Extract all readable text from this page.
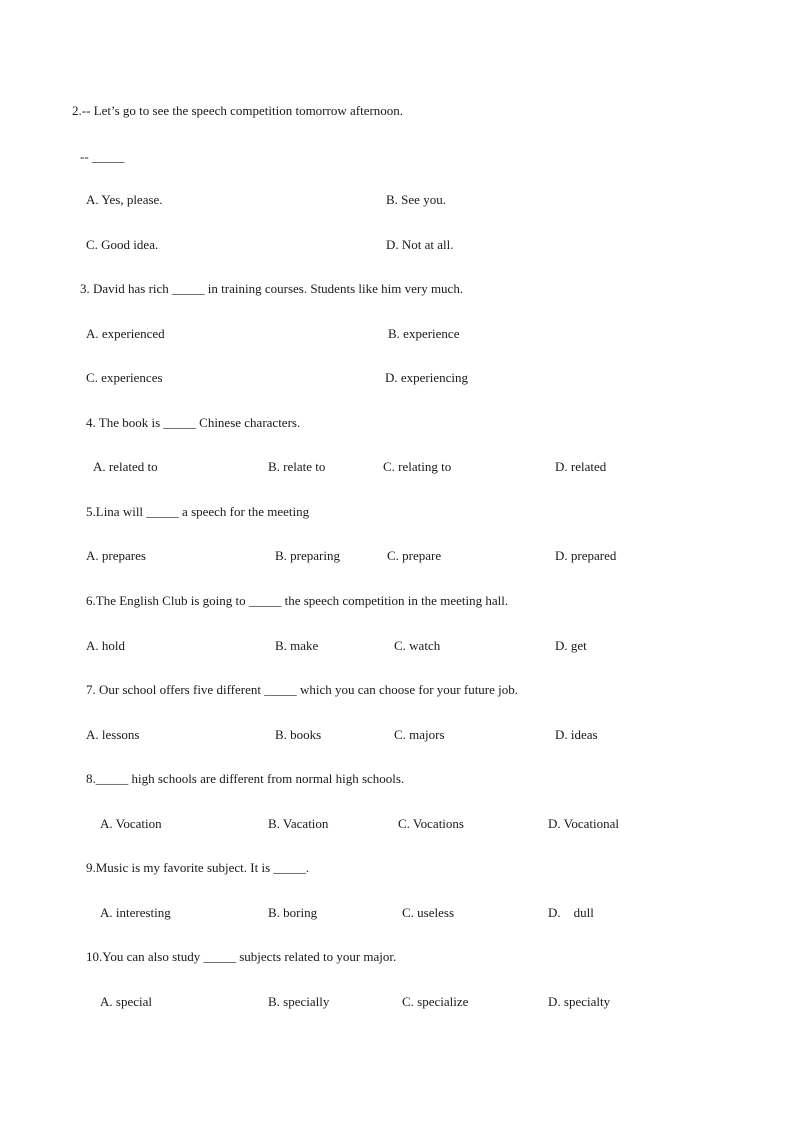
2.-- Let’s go to see the speech competition tomorrow afternoon.
-- _____
A. Yes, please.	B. See you.
C. Good idea.	D. Not at all.
3. David has rich _____ in training courses. Students like him very much.
A. experienced	B. experience
C. experiences	D. experiencing
4. The book is _____ Chinese characters.
A. related to	B. relate to	C. relating to	D. related
5.Lina will _____ a speech for the meeting
A. prepares	B. preparing	C. prepare	D. prepared
6.The English Club is going to _____ the speech competition in the meeting hall.
A. hold	B. make	C. watch	D. get
7. Our school offers five different _____ which you can choose for your future job.
A. lessons	B. books	C. majors	D. ideas
8._____ high schools are different from normal high schools.
A. Vocation	B. Vacation	C. Vocations	D. Vocational
9.Music is my favorite subject. It is _____.
A. interesting	B. boring	C. useless	D.    dull
10.You can also study _____ subjects related to your major.
A. special	B. specially	C. specialize	D. specialty
